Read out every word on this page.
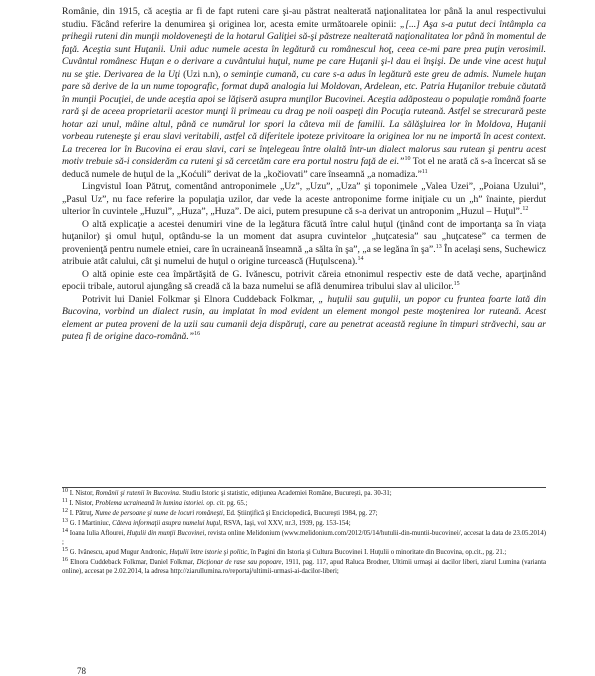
Românie, din 1915, că aceştia ar fi de fapt ruteni care şi-au păstrat nealterată naţionalitatea lor până la anul respectivului studiu. Făcând referire la denumirea şi originea lor, acesta emite următoarele opinii: „[...] Aşa s-a putut deci întâmpla ca prihegii ruteni din munţii moldoveneşti de la hotarul Galiţiei să-şi păstreze nealterată naţionalitatea lor până în momentul de faţă. Aceştia sunt Huţanii. Unii aduc numele acesta în legătură cu românescul hoţ, ceea ce-mi pare prea puţin verosimil. Cuvântul românesc Huţan e o derivare a cuvântului huţul, nume pe care Huţanii şi-l dau ei înşişi. De unde vine acest huţul nu se ştie. Derivarea de la Uţi (Uzi n.n), o seminţie cumană, cu care s-a adus în legătură este greu de admis. Numele huţan pare să derive de la un nume topografic, format după analogia lui Moldovan, Ardelean, etc. Patria Huţanilor trebuie căutată în munţii Pocuţiei, de unde aceştia apoi se lăţiseră asupra munţilor Bucovinei. Aceştia adăposteau o populaţie română foarte rară şi de aceea proprietarii acestor munţi îi primeau cu drag pe noii oaspeţi din Pocuţia ruteană. Astfel se strecurară peste hotar azi unul, mâine altul, până ce numărul lor spori la câteva mii de familii. La sălăşluirea lor în Moldova, Huţanii vorbeau ruteneşte şi erau slavi veritabili, astfel că diferitele ipoteze privitoare la originea lor nu ne importă în acest context. La trecerea lor în Bucovina ei erau slavi, cari se înţelegeau între olaltă într-un dialect malorus sau rutean şi pentru acest motiv trebuie să-i considerăm ca ruteni şi să cercetăm care era portul nostru faţă de ei.”$^{10}$ Tot el ne arată că s-a încercat să se deducă numele de huţul de la „Koćuli” derivat de la „kočiovati” care înseamnă „a nomadiza.”$^{11}$

Lingvistul Ioan Pătruţ, comentând antroponimele „Uz”, „Uzu”, „Uza” şi toponimele „Valea Uzei”, „Poiana Uzului”, „Pasul Uz”, nu face referire la populaţia uzilor, dar vede la aceste antroponime forme iniţiale cu un „h” înainte, pierdut ulterior în cuvintele „Huzul”, „Huza”, „Huza”. De aici, putem presupune că s-a derivat un antroponim „Huzul – Huţul”.$^{12}$

O altă explicaţie a acestei denumiri vine de la legătura făcută între calul huţul (ţinând cont de importanţa sa în viaţa huţanilor) şi omul huţul, optându-se la un moment dat asupra cuvintelor „huţcatesia” sau „huţcatese” ca termen de provenienţă pentru numele etniei, care în ucraineană înseamnă „a sălta în şa”, „a se legăna în şa”.$^{13}$ În acelaşi sens, Suchewicz atribuie atât calului, cât şi numelui de huţul o origine turcească (Huţulscena).$^{14}$

O altă opinie este cea împărtăşită de G. Ivănescu, potrivit căreia etnonimul respectiv este de dată veche, aparţinând epocii tribale, autorul ajungâng să creadă că la baza numelui se află denumirea tribului slav al ulicilor.$^{15}$

Potrivit lui Daniel Folkmar şi Elnora Cuddeback Folkmar, „ huţulii sau guţulii, un popor cu fruntea foarte lată din Bucovina, vorbind un dialect rusin, au implatat în mod evident un element mongol peste moştenirea lor ruteană. Acest element ar putea proveni de la uzii sau cumanii deja dispăruţi, care au penetrat această regiune în timpuri străvechi, sau ar putea fi de origine daco-română.”$^{16}$

$^{10}$ I. Nistor, Românii şi rutenii în Bucovina. Studiu Istoric şi statistic, ediţiunea Academiei Române, Bucureşti, pa. 30-31;

$^{11}$ I. Nistor, Problema ucraineană în lumina istoriei. op. cit. pg. 65.;

$^{12}$ I. Pătruţ, Nume de persoane şi nume de locuri româneşti, Ed. Ştiinţifică şi Enciclopedică, Bucureşti 1984, pg. 27;

$^{13}$ G. I Martiniuc, Câteva informaţii asupra numelui huţul, RSVA, Iaşi, vol XXV, nr.3, 1939, pg. 153-154;

$^{14}$ Ioana Iulia Aflourei, Huţulii din munţii Bucovinei, revista online Melidonium (www.melidonium.com/2012/05/14/hutulii-din-muntii-bucovinei/, accesat la data de 23.05.2014) ;

$^{15}$ G. Ivănescu, apud Mugur Andronic, Huţulii între istorie şi politic, în Pagini din Istoria şi Cultura Bucovinei I. Huţulii o minoritate din Bucovina, op.cit., pg. 21.;

$^{16}$ Elnora Cuddeback Folkmar, Daniel Folkmar, Dicţionar de rase sau popoare, 1911, pag. 117, apud Raluca Brodner, Ultimii urmaşi ai dacilor liberi, ziarul Lumina (varianta online), accesat pe 2.02.2014, la adresa http://ziarullumina.ro/reportaj/ultimii-urmasi-ai-dacilor-liberi;

78
